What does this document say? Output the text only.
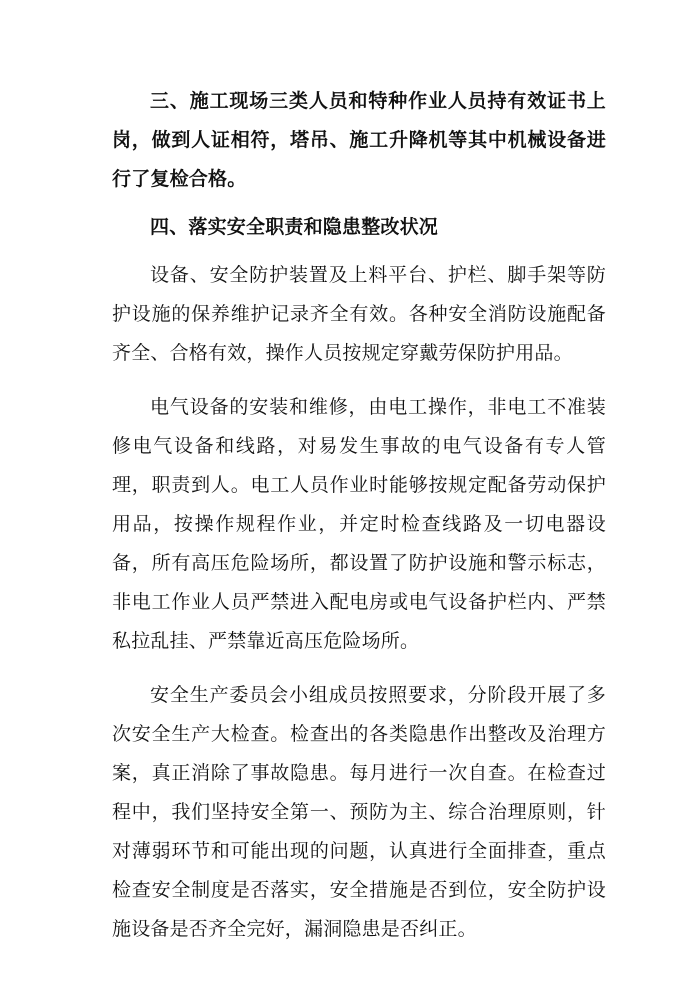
三、施工现场三类人员和特种作业人员持有效证书上岗，做到人证相符，塔吊、施工升降机等其中机械设备进行了复检合格。

四、落实安全职责和隐患整改状况

设备、安全防护装置及上料平台、护栏、脚手架等防护设施的保养维护记录齐全有效。各种安全消防设施配备齐全、合格有效，操作人员按规定穿戴劳保防护用品。

电气设备的安装和维修，由电工操作，非电工不准装修电气设备和线路，对易发生事故的电气设备有专人管理，职责到人。电工人员作业时能够按规定配备劳动保护用品，按操作规程作业，并定时检查线路及一切电器设备，所有高压危险场所，都设置了防护设施和警示标志，非电工作业人员严禁进入配电房或电气设备护栏内、严禁私拉乱挂、严禁靠近高压危险场所。

安全生产委员会小组成员按照要求，分阶段开展了多次安全生产大检查。检查出的各类隐患作出整改及治理方案，真正消除了事故隐患。每月进行一次自查。在检查过程中，我们坚持安全第一、预防为主、综合治理原则，针对薄弱环节和可能出现的问题，认真进行全面排查，重点检查安全制度是否落实，安全措施是否到位，安全防护设施设备是否齐全完好，漏洞隐患是否纠正。
